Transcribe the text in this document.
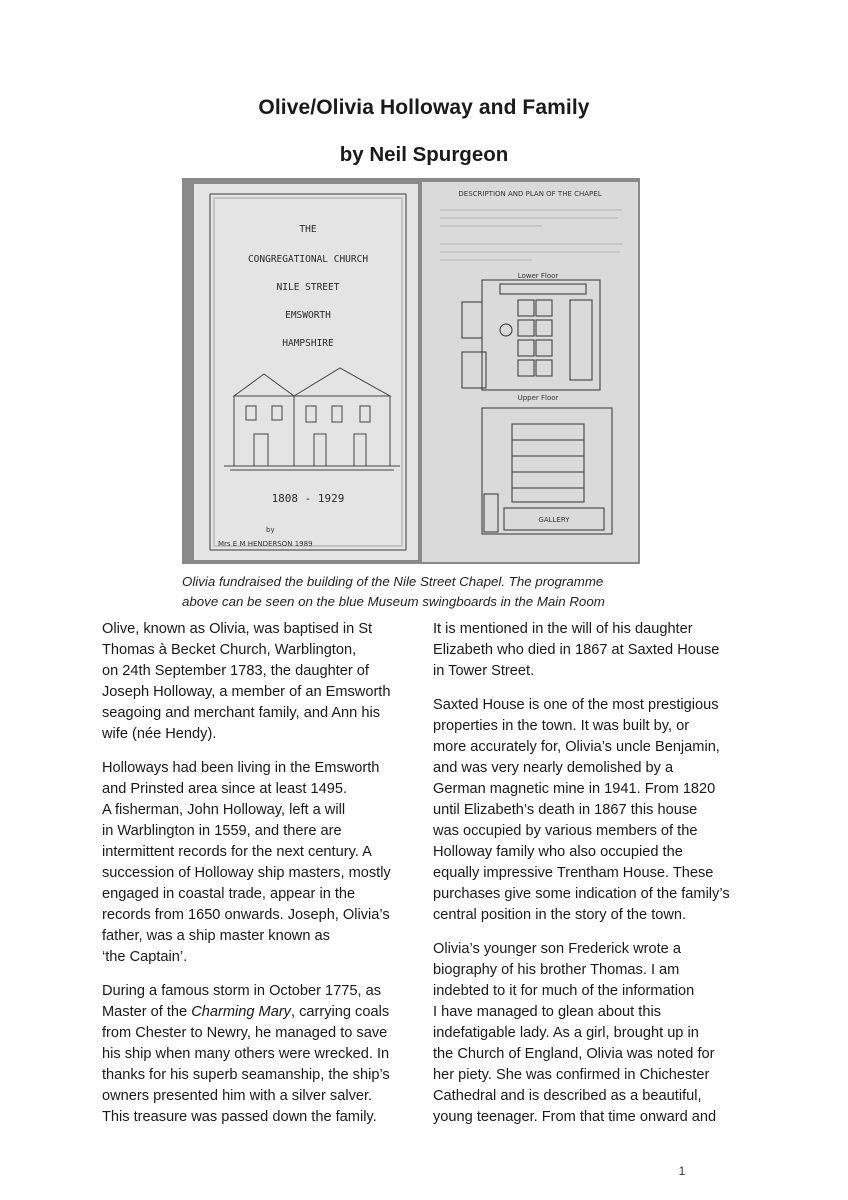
Olive/Olivia Holloway and Family
by Neil Spurgeon
THE
CONGREGATIONAL CHURCH
NILE STREET
EMSWORTH
HAMPSHIRE
1808 - 1929
by
Mrs E M HENDERSON 1989
DESCRIPTION AND PLAN OF THE CHAPEL
Lower Floor
Upper Floor
GALLERY
Olivia fundraised the building of the Nile Street Chapel. The programme
above can be seen on the blue Museum swingboards in the Main Room

Olive, known as Olivia, was baptised in St
Thomas à Becket Church, Warblington,
on 24th September 1783, the daughter of
Joseph Holloway, a member of an Emsworth
seagoing and merchant family, and Ann his
wife (née Hendy).

Holloways had been living in the Emsworth
and Prinsted area since at least 1495.
A fisherman, John Holloway, left a will
in Warblington in 1559, and there are
intermittent records for the next century. A
succession of Holloway ship masters, mostly
engaged in coastal trade, appear in the
records from 1650 onwards. Joseph, Olivia’s
father, was a ship master known as
‘the Captain’.

During a famous storm in October 1775, as
Master of the Charming Mary, carrying coals
from Chester to Newry, he managed to save
his ship when many others were wrecked. In
thanks for his superb seamanship, the ship’s
owners presented him with a silver salver.
This treasure was passed down the family.

It is mentioned in the will of his daughter
Elizabeth who died in 1867 at Saxted House
in Tower Street.

Saxted House is one of the most prestigious
properties in the town. It was built by, or
more accurately for, Olivia’s uncle Benjamin,
and was very nearly demolished by a
German magnetic mine in 1941. From 1820
until Elizabeth’s death in 1867 this house
was occupied by various members of the
Holloway family who also occupied the
equally impressive Trentham House. These
purchases give some indication of the family’s
central position in the story of the town.

Olivia’s younger son Frederick wrote a
biography of his brother Thomas. I am
indebted to it for much of the information
I have managed to glean about this
indefatigable lady. As a girl, brought up in
the Church of England, Olivia was noted for
her piety. She was confirmed in Chichester
Cathedral and is described as a beautiful,
young teenager. From that time onward and

1
